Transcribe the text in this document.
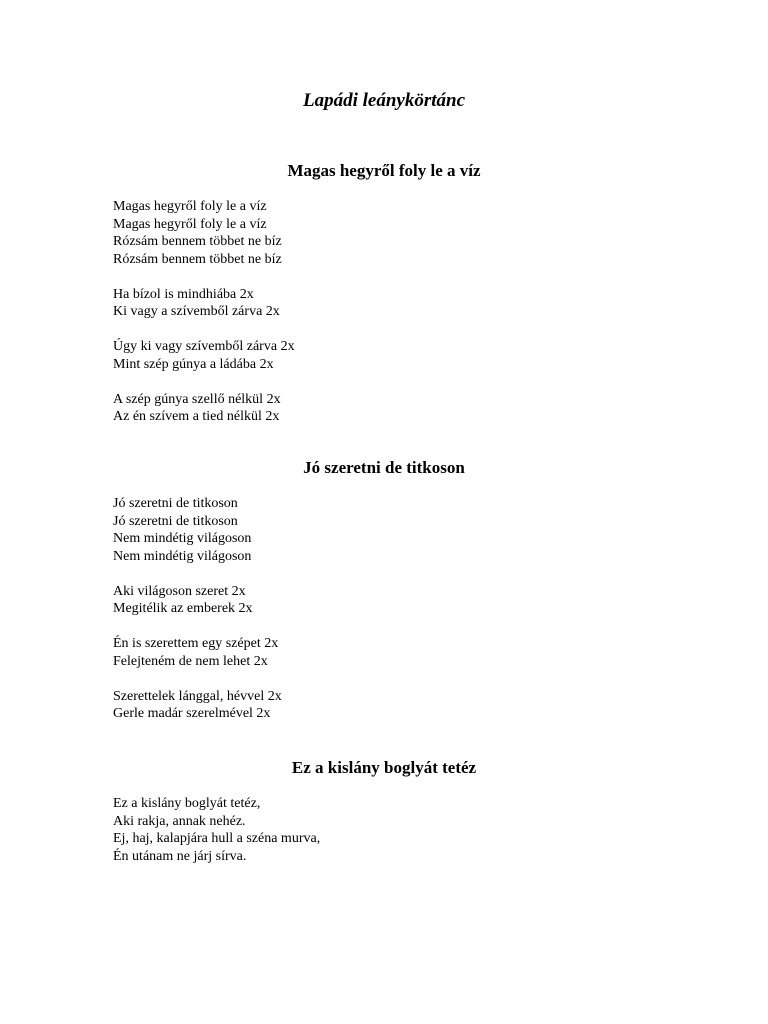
Lapádi leánykörtánc
Magas hegyről foly le a víz
Magas hegyről foly le a víz
Magas hegyről foly le a víz
Rózsám bennem többet ne bíz
Rózsám bennem többet ne bíz
Ha bízol is mindhiába 2x
Ki vagy a szívemből zárva 2x
Úgy ki vagy szívemből zárva 2x
Mint szép gúnya a ládába 2x
A szép gúnya szellő nélkül 2x
Az én szívem a tied nélkül 2x
Jó szeretni de titkoson
Jó szeretni de titkoson
Jó szeretni de titkoson
Nem mindétig világoson
Nem mindétig világoson
Aki világoson szeret 2x
Megitélik az emberek 2x
Én is szerettem egy szépet 2x
Felejteném de nem lehet 2x
Szerettelek lánggal, hévvel 2x
Gerle madár szerelmével 2x
Ez a kislány boglyát tetéz
Ez a kislány boglyát tetéz,
Aki rakja, annak nehéz.
Ej, haj, kalapjára hull a széna murva,
Én utánam ne járj sírva.
